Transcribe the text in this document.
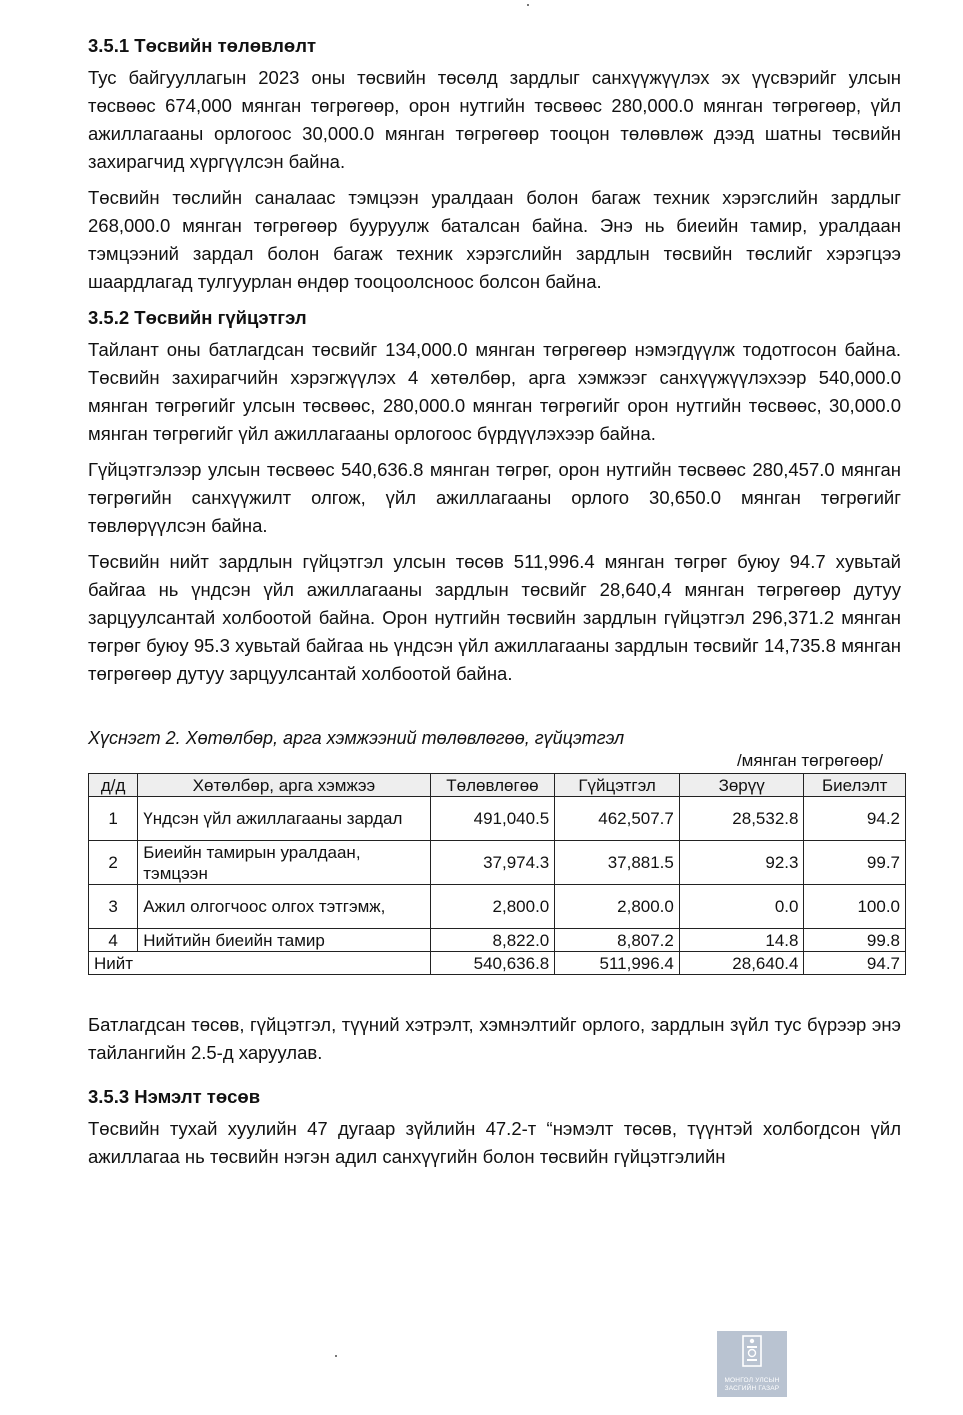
3.5.1 Төсвийн төлөвлөлт

Тус байгууллагын 2023 оны төсвийн төсөлд зардлыг санхүүжүүлэх эх үүсвэрийг улсын төсвөөс 674,000 мянган төгрөгөөр, орон нутгийн төсвөөс 280,000.0 мянган төгрөгөөр, үйл ажиллагааны орлогоос 30,000.0 мянган төгрөгөөр тооцон төлөвлөж дээд шатны төсвийн захирагчид хүргүүлсэн байна.

Төсвийн төслийн саналаас тэмцээн уралдаан болон багаж техник хэрэгслийн зардлыг 268,000.0 мянган төгрөгөөр бууруулж баталсан байна. Энэ нь биеийн тамир, уралдаан тэмцээний зардал болон багаж техник хэрэгслийн зардлын төсвийн төслийг хэрэгцээ шаардлагад тулгуурлан өндөр тооцоолсноос болсон байна.

3.5.2 Төсвийн гүйцэтгэл

Тайлант оны батлагдсан төсвийг 134,000.0 мянган төгрөгөөр нэмэгдүүлж тодотгосон байна. Төсвийн захирагчийн хэрэгжүүлэх 4 хөтөлбөр, арга хэмжээг санхүүжүүлэхээр 540,000.0 мянган төгрөгийг улсын төсвөөс, 280,000.0 мянган төгрөгийг орон нутгийн төсвөөс, 30,000.0 мянган төгрөгийг үйл ажиллагааны орлогоос бүрдүүлэхээр байна.

Гүйцэтгэлээр улсын төсвөөс 540,636.8 мянган төгрөг, орон нутгийн төсвөөс 280,457.0 мянган төгрөгийн санхүүжилт олгож, үйл ажиллагааны орлого 30,650.0 мянган төгрөгийг төвлөрүүлсэн байна.

Төсвийн нийт зардлын гүйцэтгэл улсын төсөв 511,996.4 мянган төгрөг буюу 94.7 хувьтай байгаа нь үндсэн үйл ажиллагааны зардлын төсвийг 28,640,4 мянган төгрөгөөр дутуу зарцуулсантай холбоотой байна. Орон нутгийн төсвийн зардлын гүйцэтгэл 296,371.2 мянган төгрөг буюу 95.3 хувьтай байгаа нь үндсэн үйл ажиллагааны зардлын төсвийг 14,735.8 мянган төгрөгөөр дутуу зарцуулсантай холбоотой байна.

Хүснэгт 2. Хөтөлбөр, арга хэмжээний төлөвлөгөө, гүйцэтгэл

/мянган төгрөгөөр/
д/д	Хөтөлбөр, арга хэмжээ	Төлөвлөгөө	Гүйцэтгэл	Зөрүү	Биелэлт
1	Үндсэн үйл ажиллагааны зардал	491,040.5	462,507.7	28,532.8	94.2
2	Биеийн тамирын уралдаан, тэмцээн	37,974.3	37,881.5	92.3	99.7
3	Ажил олгогчоос олгох тэтгэмж,	2,800.0	2,800.0	0.0	100.0
4	Нийтийн биеийн тамир	8,822.0	8,807.2	14.8	99.8
Нийт		540,636.8	511,996.4	28,640.4	94.7

Батлагдсан төсөв, гүйцэтгэл, түүний хэтрэлт, хэмнэлтийг орлого, зардлын зүйл тус бүрээр энэ тайлангийн 2.5-д харуулав.

3.5.3 Нэмэлт төсөв

Төсвийн тухай хуулийн 47 дугаар зүйлийн 47.2-т “нэмэлт төсөв, түүнтэй холбогдсон үйл ажиллагаа нь төсвийн нэгэн адил санхүүгийн болон төсвийн гүйцэтгэлийн

МОНГОЛ УЛСЫН
ЗАСГИЙН ГАЗАР
